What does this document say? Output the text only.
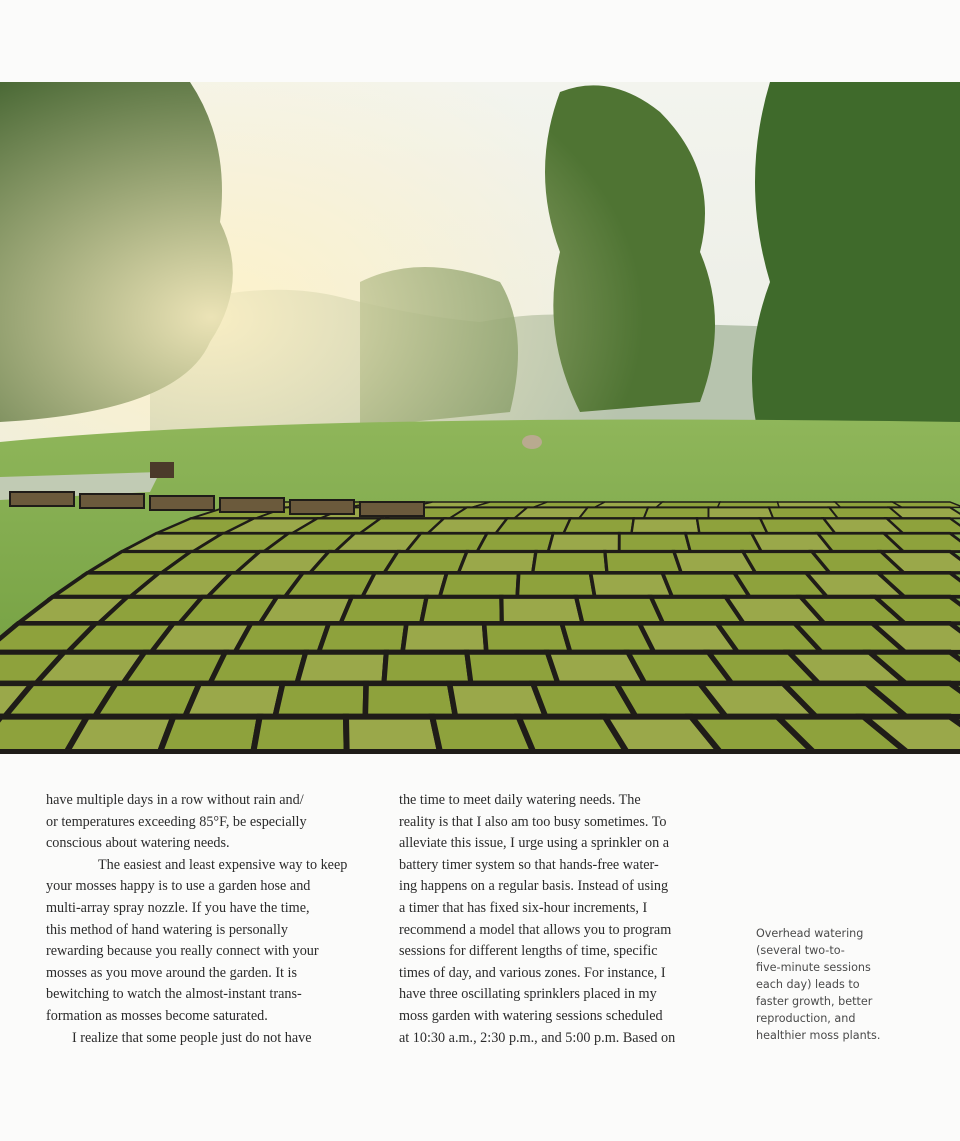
have multiple days in a row without rain and/
or temperatures exceeding 85°F, be especially
conscious about watering needs.
The easiest and least expensive way to keep
your mosses happy is to use a garden hose and
multi-array spray nozzle. If you have the time,
this method of hand watering is personally
rewarding because you really connect with your
mosses as you move around the garden. It is
bewitching to watch the almost-instant trans-
formation as mosses become saturated.
I realize that some people just do not have
the time to meet daily watering needs. The
reality is that I also am too busy sometimes. To
alleviate this issue, I urge using a sprinkler on a
battery timer system so that hands-free water-
ing happens on a regular basis. Instead of using
a timer that has fixed six-hour increments, I
recommend a model that allows you to program
sessions for different lengths of time, specific
times of day, and various zones. For instance, I
have three oscillating sprinklers placed in my
moss garden with watering sessions scheduled
at 10:30 a.m., 2:30 p.m., and 5:00 p.m. Based on
Overhead watering
(several two-to-
five-minute sessions
each day) leads to
faster growth, better
reproduction, and
healthier moss plants.
